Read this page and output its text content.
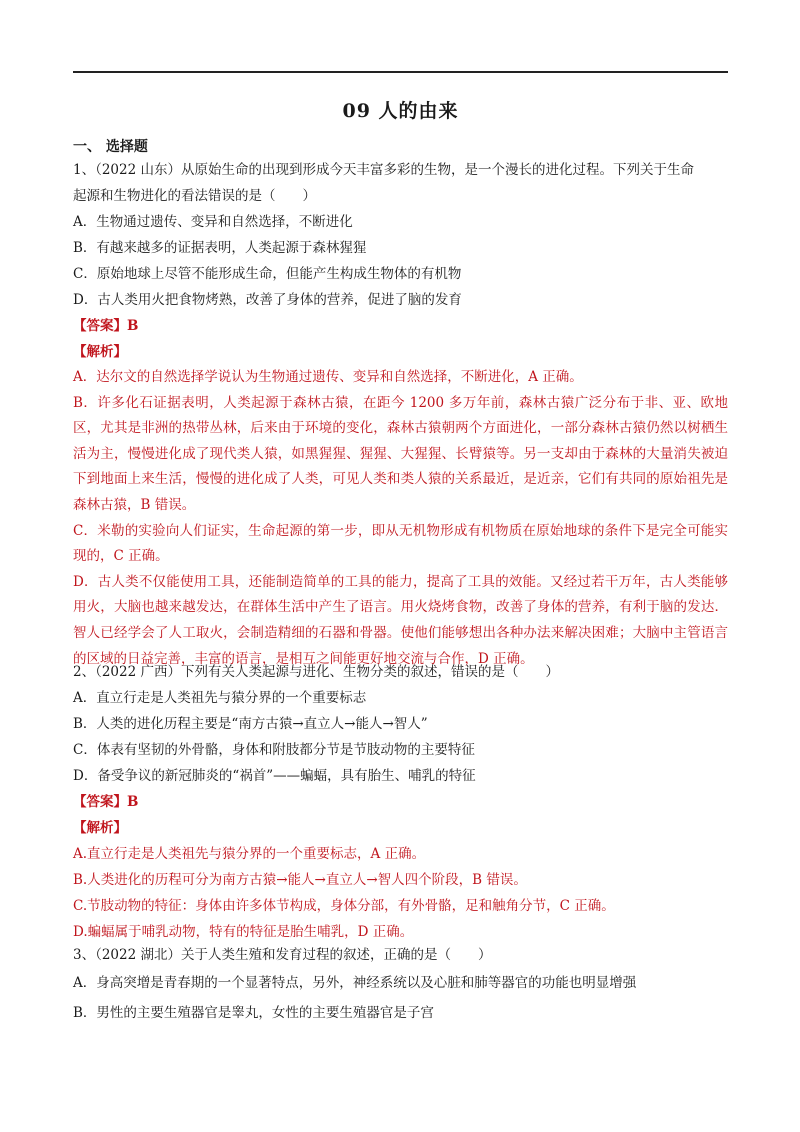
09 人的由来
一、 选择题
1、（2022 山东）从原始生命的出现到形成今天丰富多彩的生物，是一个漫长的进化过程。下列关于生命
起源和生物进化的看法错误的是（　　）
A．生物通过遗传、变异和自然选择，不断进化
B．有越来越多的证据表明，人类起源于森林猩猩
C．原始地球上尽管不能形成生命，但能产生构成生物体的有机物
D．古人类用火把食物烤熟，改善了身体的营养，促进了脑的发育
【答案】B
【解析】
A．达尔文的自然选择学说认为生物通过遗传、变异和自然选择，不断进化，A 正确。
B．许多化石证据表明，人类起源于森林古猿，在距今 1200 多万年前，森林古猿广泛分布于非、亚、欧地区，尤其是非洲的热带丛林，后来由于环境的变化，森林古猿朝两个方面进化，一部分森林古猿仍然以树栖生活为主，慢慢进化成了现代类人猿，如黑猩猩、猩猩、大猩猩、长臂猿等。另一支却由于森林的大量消失被迫下到地面上来生活，慢慢的进化成了人类，可见人类和类人猿的关系最近，是近亲，它们有共同的原始祖先是森林古猿，B 错误。
C．米勒的实验向人们证实，生命起源的第一步，即从无机物形成有机物质在原始地球的条件下是完全可能实现的，C 正确。
D．古人类不仅能使用工具，还能制造简单的工具的能力，提高了工具的效能。又经过若干万年，古人类能够用火，大脑也越来越发达，在群体生活中产生了语言。用火烧烤食物，改善了身体的营养，有利于脑的发达．智人已经学会了人工取火，会制造精细的石器和骨器。使他们能够想出各种办法来解决困难；大脑中主管语言的区域的日益完善，丰富的语言，是相互之间能更好地交流与合作，D 正确。
2、（2022 广西）下列有关人类起源与进化、生物分类的叙述，错误的是（　　）
A．直立行走是人类祖先与猿分界的一个重要标志
B．人类的进化历程主要是“南方古猿→直立人→能人→智人”
C．体表有坚韧的外骨骼，身体和附肢都分节是节肢动物的主要特征
D．备受争议的新冠肺炎的“祸首”——蝙蝠，具有胎生、哺乳的特征
【答案】B
【解析】
A.直立行走是人类祖先与猿分界的一个重要标志，A 正确。
B.人类进化的历程可分为南方古猿→能人→直立人→智人四个阶段，B 错误。
C.节肢动物的特征：身体由许多体节构成，身体分部，有外骨骼，足和触角分节，C 正确。
D.蝙蝠属于哺乳动物，特有的特征是胎生哺乳，D 正确。
3、（2022 湖北）关于人类生殖和发育过程的叙述，正确的是（　　）
A．身高突增是青春期的一个显著特点，另外，神经系统以及心脏和肺等器官的功能也明显增强
B．男性的主要生殖器官是睾丸，女性的主要生殖器官是子宫
